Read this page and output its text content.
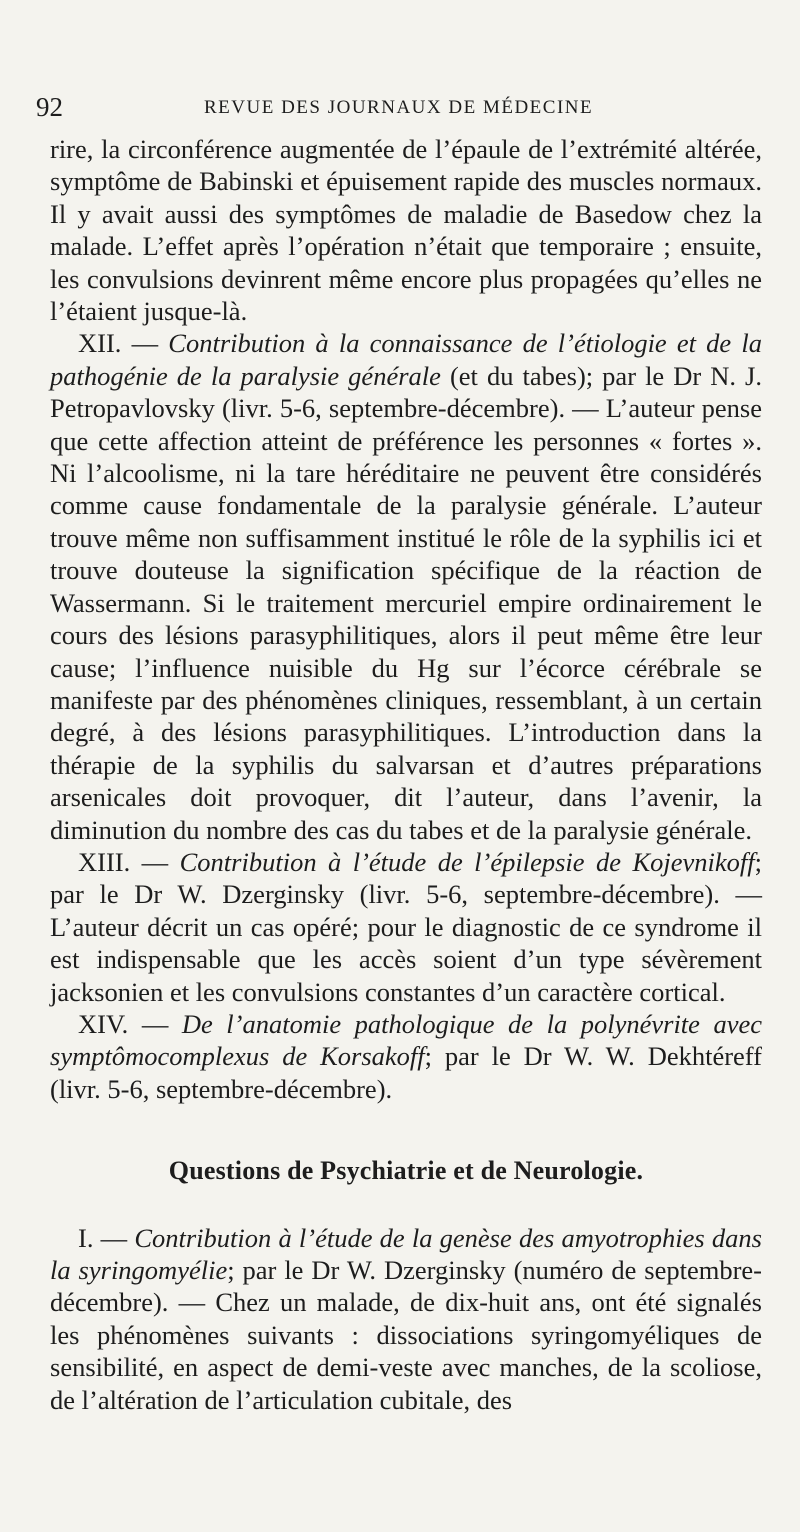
92	REVUE DES JOURNAUX DE MÉDECINE

rire, la circonférence augmentée de l’épaule de l’extrémité altérée, symptôme de Babinski et épuisement rapide des muscles normaux. Il y avait aussi des symptômes de maladie de Basedow chez la malade. L’effet après l’opération n’était que temporaire ; ensuite, les convulsions devinrent même encore plus propagées qu’elles ne l’étaient jusque-là.

XII. — Contribution à la connaissance de l’étiologie et de la pathogénie de la paralysie générale (et du tabes); par le Dr N. J. Petropavlovsky (livr. 5-6, septembre-décembre). — L’auteur pense que cette affection atteint de préférence les personnes « fortes ». Ni l’alcoolisme, ni la tare héréditaire ne peuvent être considérés comme cause fondamentale de la paralysie générale. L’auteur trouve même non suffisamment institué le rôle de la syphilis ici et trouve douteuse la signification spécifique de la réaction de Wassermann. Si le traitement mercuriel empire ordinairement le cours des lésions parasyphilitiques, alors il peut même être leur cause; l’influence nuisible du Hg sur l’écorce cérébrale se manifeste par des phénomènes cliniques, ressemblant, à un certain degré, à des lésions parasyphilitiques. L’introduction dans la thérapie de la syphilis du salvarsan et d’autres préparations arsenicales doit provoquer, dit l’auteur, dans l’avenir, la diminution du nombre des cas du tabes et de la paralysie générale.

XIII. — Contribution à l’étude de l’épilepsie de Kojevnikoff; par le Dr W. Dzerginsky (livr. 5-6, septembre-décembre). — L’auteur décrit un cas opéré; pour le diagnostic de ce syndrome il est indispensable que les accès soient d’un type sévèrement jacksonien et les convulsions constantes d’un caractère cortical.

XIV. — De l’anatomie pathologique de la polynévrite avec symptômocomplexus de Korsakoff; par le Dr W. W. Dekhtéreff (livr. 5-6, septembre-décembre).

Questions de Psychiatrie et de Neurologie.

I. — Contribution à l’étude de la genèse des amyotrophies dans la syringomyélie; par le Dr W. Dzerginsky (numéro de septembre-décembre). — Chez un malade, de dix-huit ans, ont été signalés les phénomènes suivants : dissociations syringomyéliques de sensibilité, en aspect de demi-veste avec manches, de la scoliose, de l’altération de l’articulation cubitale, des
